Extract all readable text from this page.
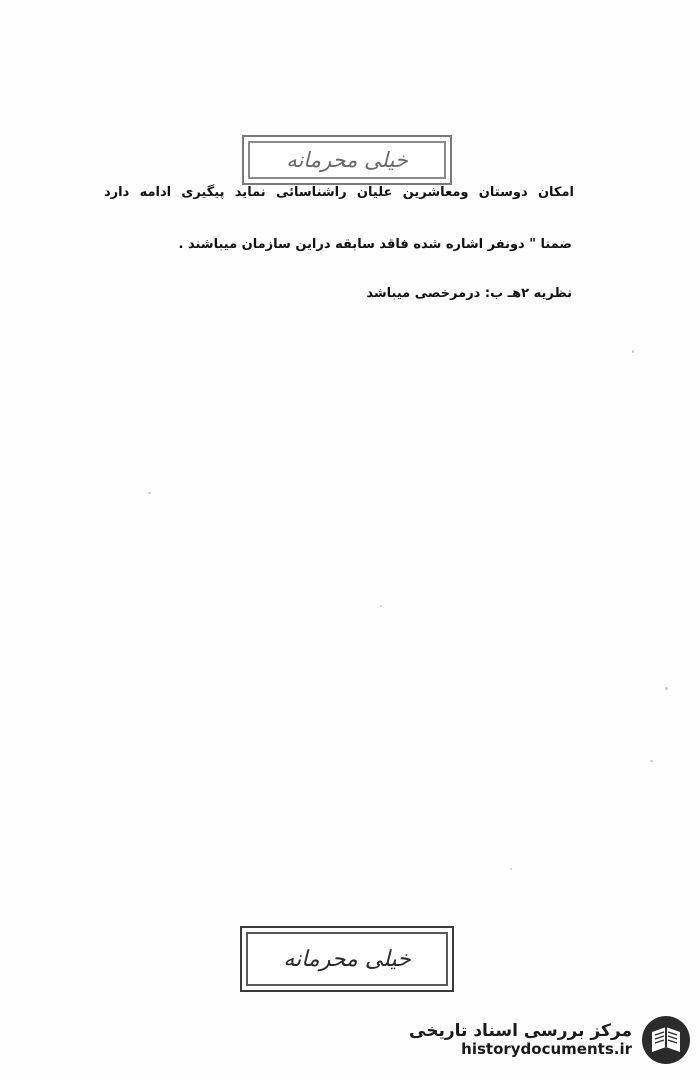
خیلی محرمانه
امکان دوستان ومعاشرین علیان راشناسائی نماید پیگیری ادامه دارد
ضمنا " دونفر اشاره شده فاقد سابقه دراین سازمان میباشند .
نظریه ۲هـ ب: درمرخصی میباشد
خیلی محرمانه
مرکز بررسی اسناد تاریخی
historydocuments.ir
